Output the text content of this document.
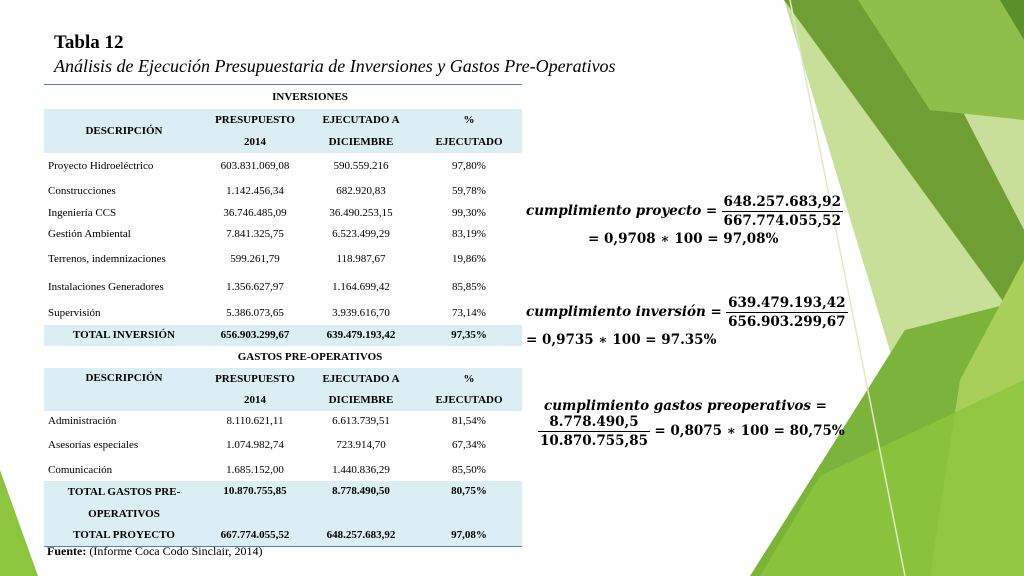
Tabla 12
Análisis de Ejecución Presupuestaria de Inversiones y Gastos Pre-Operativos
	INVERSIONES		
DESCRIPCIÓN	PRESUPUESTO	EJECUTADO A	%
	2014	DICIEMBRE	EJECUTADO
Proyecto Hidroeléctrico	603.831.069,08	590.559.216	97,80%
Construcciones	1.142.456,34	682.920,83	59,78%
Ingeniería CCS	36.746.485,09	36.490.253,15	99,30%
Gestión Ambiental	7.841.325,75	6.523.499,29	83,19%
Terrenos, indemnizaciones	599.261,79	118.987,67	19,86%
Instalaciones Generadores	1.356.627,97	1.164.699,42	85,85%
Supervisión	5.386.073,65	3.939.616,70	73,14%
TOTAL INVERSIÓN	656.903.299,67	639.479.193,42	97,35%
	GASTOS PRE-OPERATIVOS		
DESCRIPCIÓN	PRESUPUESTO	EJECUTADO A	%
	2014	DICIEMBRE	EJECUTADO
Administración	8.110.621,11	6.613.739,51	81,54%
Asesorías especiales	1.074.982,74	723.914,70	67,34%
Comunicación	1.685.152,00	1.440.836,29	85,50%
TOTAL GASTOS PRE-	10.870.755,85	8.778.490,50	80,75%
OPERATIVOS			
TOTAL PROYECTO	667.774.055,52	648.257.683,92	97,08%
cumplimiento proyecto = $\frac{648.257.683,92}{667.774.055,52}$
= 0,9708 ∗ 100 = 97,08%
cumplimiento inversión = $\frac{639.479.193,42}{656.903.299,67}$
= 0,9735 ∗ 100 = 97.35%
cumplimiento gastos preoperativos =
$\frac{8.778.490,5}{10.870.755,85} = 0,8075$ ∗ 100 = 80,75%
Fuente: (Informe Coca Codo Sinclair, 2014)
